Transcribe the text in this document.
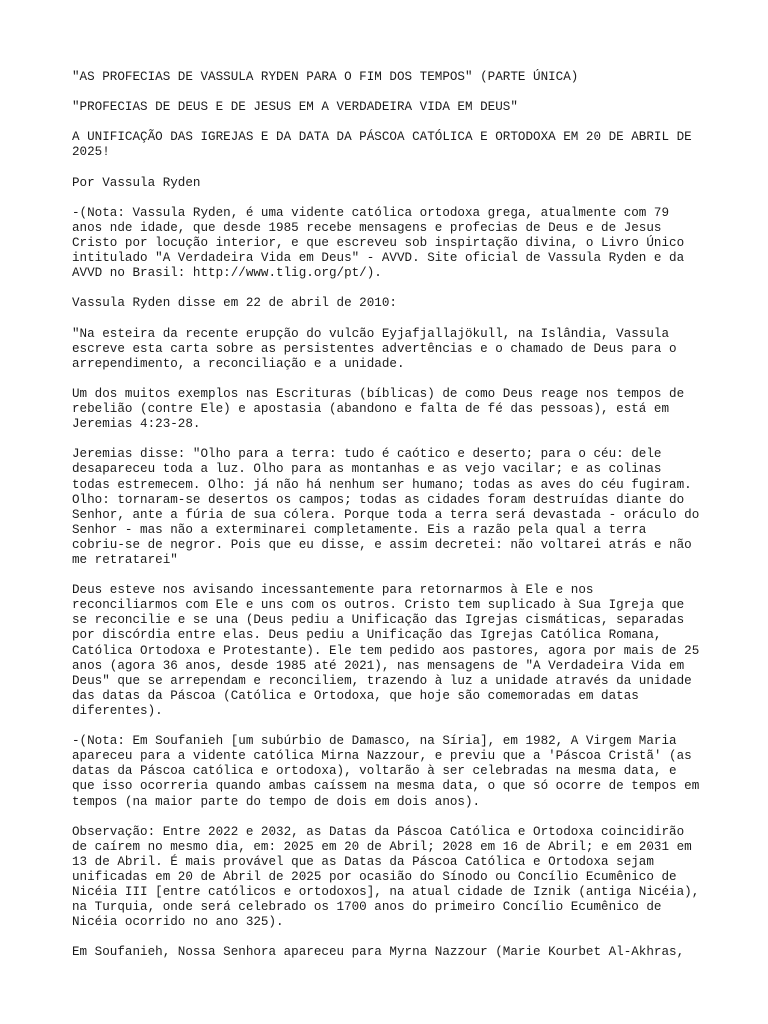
"AS PROFECIAS DE VASSULA RYDEN PARA O FIM DOS TEMPOS" (PARTE ÚNICA)

"PROFECIAS DE DEUS E DE JESUS EM A VERDADEIRA VIDA EM DEUS"

A UNIFICAÇÃO DAS IGREJAS E DA DATA DA PÁSCOA CATÓLICA E ORTODOXA EM 20 DE ABRIL DE
2025!

Por Vassula Ryden

-(Nota: Vassula Ryden, é uma vidente católica ortodoxa grega, atualmente com 79
anos nde idade, que desde 1985 recebe mensagens e profecias de Deus e de Jesus
Cristo por locução interior, e que escreveu sob inspirtação divina, o Livro Único
intitulado "A Verdadeira Vida em Deus" - AVVD. Site oficial de Vassula Ryden e da
AVVD no Brasil: http://www.tlig.org/pt/).

Vassula Ryden disse em 22 de abril de 2010:

"Na esteira da recente erupção do vulcão Eyjafjallajökull, na Islândia, Vassula
escreve esta carta sobre as persistentes advertências e o chamado de Deus para o
arrependimento, a reconciliação e a unidade.

Um dos muitos exemplos nas Escrituras (bíblicas) de como Deus reage nos tempos de
rebelião (contre Ele) e apostasia (abandono e falta de fé das pessoas), está em
Jeremias 4:23-28.

Jeremias disse: "Olho para a terra: tudo é caótico e deserto; para o céu: dele
desapareceu toda a luz. Olho para as montanhas e as vejo vacilar; e as colinas
todas estremecem. Olho: já não há nenhum ser humano; todas as aves do céu fugiram.
Olho: tornaram-se desertos os campos; todas as cidades foram destruídas diante do
Senhor, ante a fúria de sua cólera. Porque toda a terra será devastada - oráculo do
Senhor - mas não a exterminarei completamente. Eis a razão pela qual a terra
cobriu-se de negror. Pois que eu disse, e assim decretei: não voltarei atrás e não
me retratarei"

Deus esteve nos avisando incessantemente para retornarmos à Ele e nos
reconciliarmos com Ele e uns com os outros. Cristo tem suplicado à Sua Igreja que
se reconcilie e se una (Deus pediu a Unificação das Igrejas cismáticas, separadas
por discórdia entre elas. Deus pediu a Unificação das Igrejas Católica Romana,
Católica Ortodoxa e Protestante). Ele tem pedido aos pastores, agora por mais de 25
anos (agora 36 anos, desde 1985 até 2021), nas mensagens de "A Verdadeira Vida em
Deus" que se arrependam e reconciliem, trazendo à luz a unidade através da unidade
das datas da Páscoa (Católica e Ortodoxa, que hoje são comemoradas em datas
diferentes).

-(Nota: Em Soufanieh [um subúrbio de Damasco, na Síria], em 1982, A Virgem Maria
apareceu para a vidente católica Mirna Nazzour, e previu que a 'Páscoa Cristã' (as
datas da Páscoa católica e ortodoxa), voltarão à ser celebradas na mesma data, e
que isso ocorreria quando ambas caíssem na mesma data, o que só ocorre de tempos em
tempos (na maior parte do tempo de dois em dois anos).

Observação: Entre 2022 e 2032, as Datas da Páscoa Católica e Ortodoxa coincidirão
de caírem no mesmo dia, em: 2025 em 20 de Abril; 2028 em 16 de Abril; e em 2031 em
13 de Abril. É mais provável que as Datas da Páscoa Católica e Ortodoxa sejam
unificadas em 20 de Abril de 2025 por ocasião do Sínodo ou Concílio Ecumênico de
Nicéia III [entre católicos e ortodoxos], na atual cidade de Iznik (antiga Nicéia),
na Turquia, onde será celebrado os 1700 anos do primeiro Concílio Ecumênico de
Nicéia ocorrido no ano 325).

Em Soufanieh, Nossa Senhora apareceu para Myrna Nazzour (Marie Kourbet Al-Akhras,
